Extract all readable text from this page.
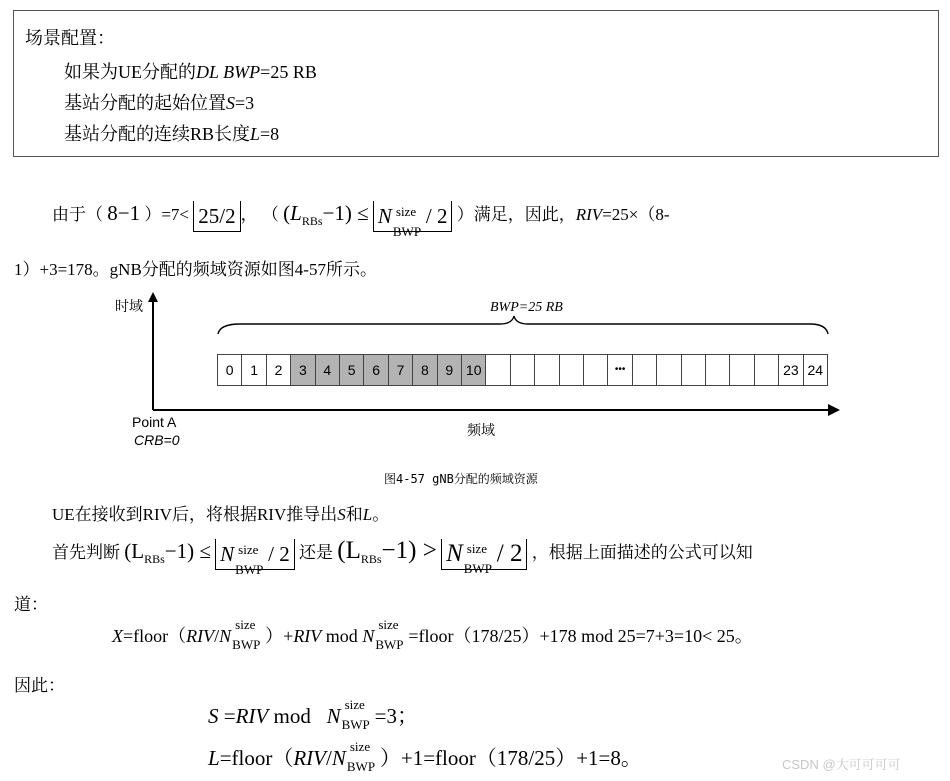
场景配置：
如果为UE分配的DL BWP=25 RB
基站分配的起始位置S=3
基站分配的连续RB长度L=8
由于（ 8−1 ）=7< 25/2 ， （ $(L_{RBs}-1) \le N$ size
BWP
/ 2 ）满足，因此，RIV=25×（8-
1）+3=178。gNB分配的频域资源如图4-57所示。
时域	BWP=25 RB
Point A
CRB=0
频域
0	1	2	3	4	5	6	7	8	9 10	•••	23 24
图4-57 gNB分配的频域资源
UE在接收到RIV后，将根据RIV推导出S和L。
首先判断 $(L_{RBs}-1) \le N$ size
BWP
/ 2 还是 $(L_{RBs}-1) > N$ size
BWP
/ 2 ，根据上面描述的公式可以知
道：
X=floor（RIV/N
size
BWP ）+RIV mod N
size
BWP =floor（178/25）+178 mod 25=7+3=10< 25。
因此：
S =RIV mod N size
BWP =3；
L=floor（RIV/N size
BWP ）+1=floor（178/25）+1=8。	CSDN @大可可可可
